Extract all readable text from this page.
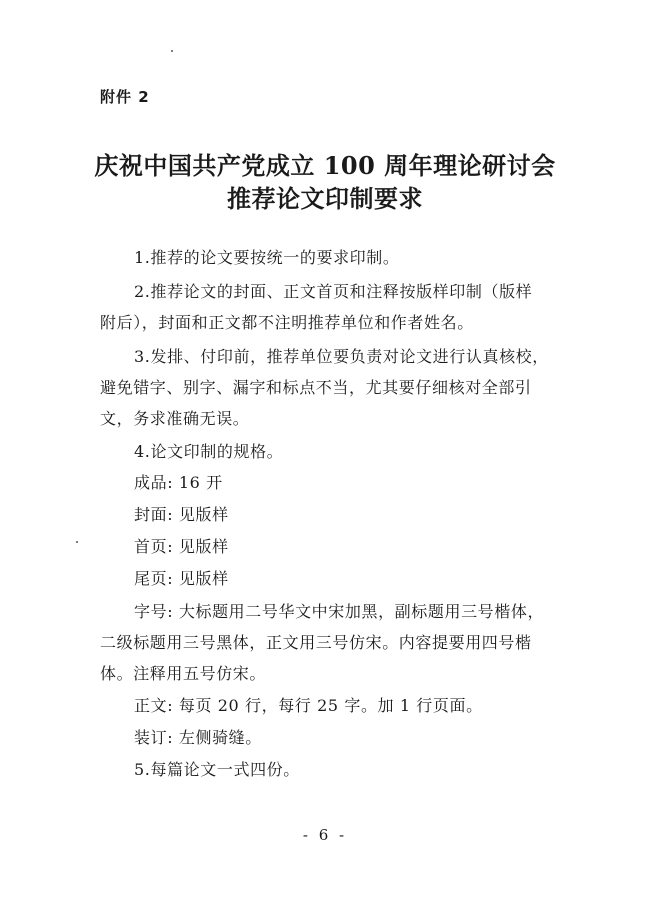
附件 2
庆祝中国共产党成立 100 周年理论研讨会
推荐论文印制要求
1.推荐的论文要按统一的要求印制。
2.推荐论文的封面、正文首页和注释按版样印制（版样
附后），封面和正文都不注明推荐单位和作者姓名。
3.发排、付印前，推荐单位要负责对论文进行认真核校，
避免错字、别字、漏字和标点不当，尤其要仔细核对全部引
文，务求准确无误。
4.论文印制的规格。
成品: 16 开
封面: 见版样
首页: 见版样
尾页: 见版样
字号: 大标题用二号华文中宋加黑，副标题用三号楷体，
二级标题用三号黑体，正文用三号仿宋。内容提要用四号楷
体。注释用五号仿宋。
正文: 每页 20 行，每行 25 字。加 1 行页面。
装订: 左侧骑缝。
5.每篇论文一式四份。
- 6 -
